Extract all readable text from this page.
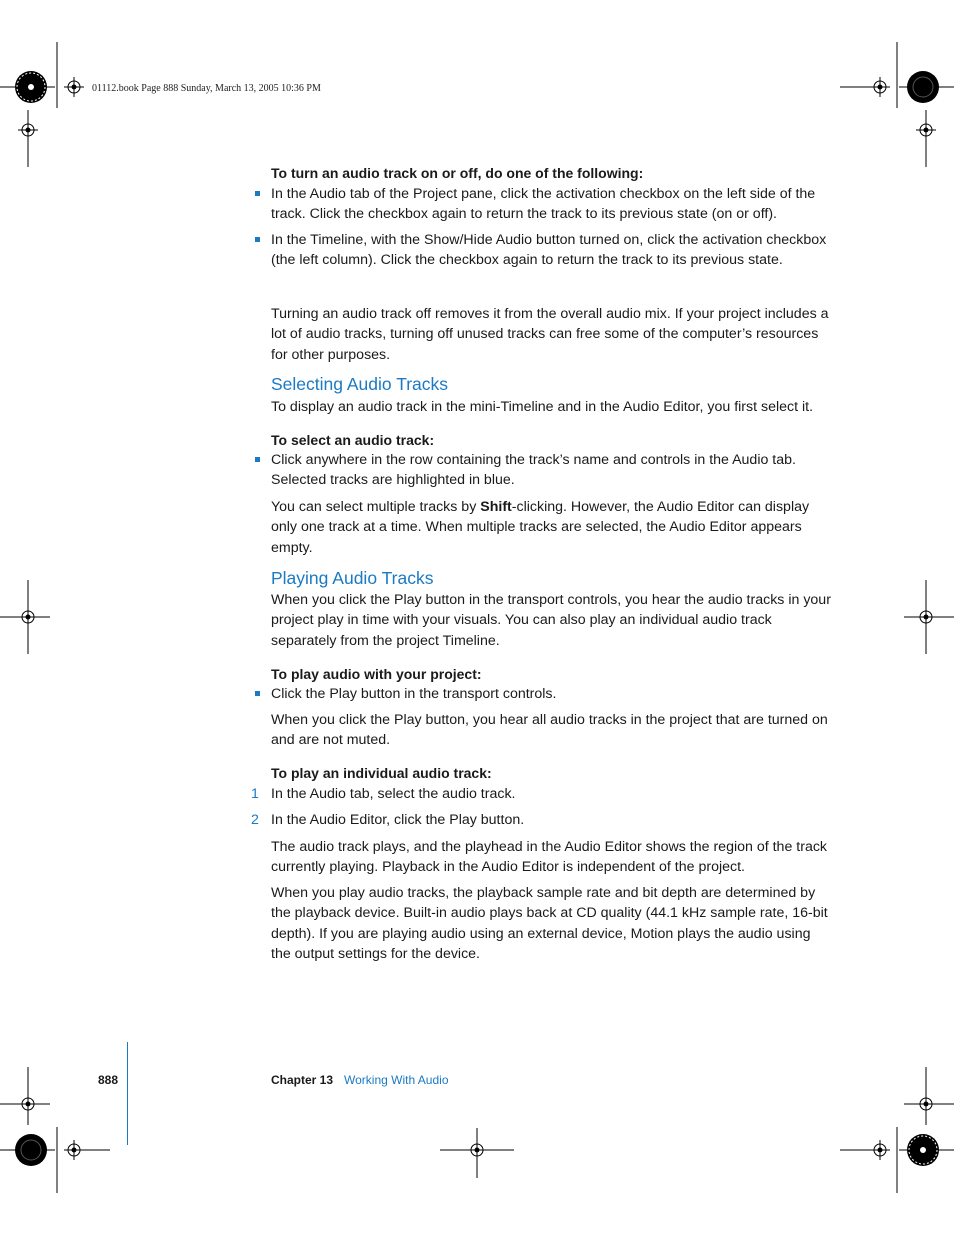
01112.book Page 888 Sunday, March 13, 2005 10:36 PM

To turn an audio track on or off, do one of the following:

In the Audio tab of the Project pane, click the activation checkbox on the left side of the track. Click the checkbox again to return the track to its previous state (on or off).
In the Timeline, with the Show/Hide Audio button turned on, click the activation checkbox (the left column). Click the checkbox again to return the track to its previous state.

Turning an audio track off removes it from the overall audio mix. If your project includes a lot of audio tracks, turning off unused tracks can free some of the computer’s resources for other purposes.

Selecting Audio Tracks

To display an audio track in the mini-Timeline and in the Audio Editor, you first select it.

To select an audio track:

Click anywhere in the row containing the track’s name and controls in the Audio tab. Selected tracks are highlighted in blue.

You can select multiple tracks by Shift-clicking. However, the Audio Editor can display only one track at a time. When multiple tracks are selected, the Audio Editor appears empty.

Playing Audio Tracks

When you click the Play button in the transport controls, you hear the audio tracks in your project play in time with your visuals. You can also play an individual audio track separately from the project Timeline.

To play audio with your project:

Click the Play button in the transport controls.

When you click the Play button, you hear all audio tracks in the project that are turned on and are not muted.

To play an individual audio track:

1 In the Audio tab, select the audio track.
2 In the Audio Editor, click the Play button.

The audio track plays, and the playhead in the Audio Editor shows the region of the track currently playing. Playback in the Audio Editor is independent of the project.

When you play audio tracks, the playback sample rate and bit depth are determined by the playback device. Built-in audio plays back at CD quality (44.1 kHz sample rate, 16-bit depth). If you are playing audio using an external device, Motion plays the audio using the output settings for the device.

888	Chapter 13 Working With Audio
